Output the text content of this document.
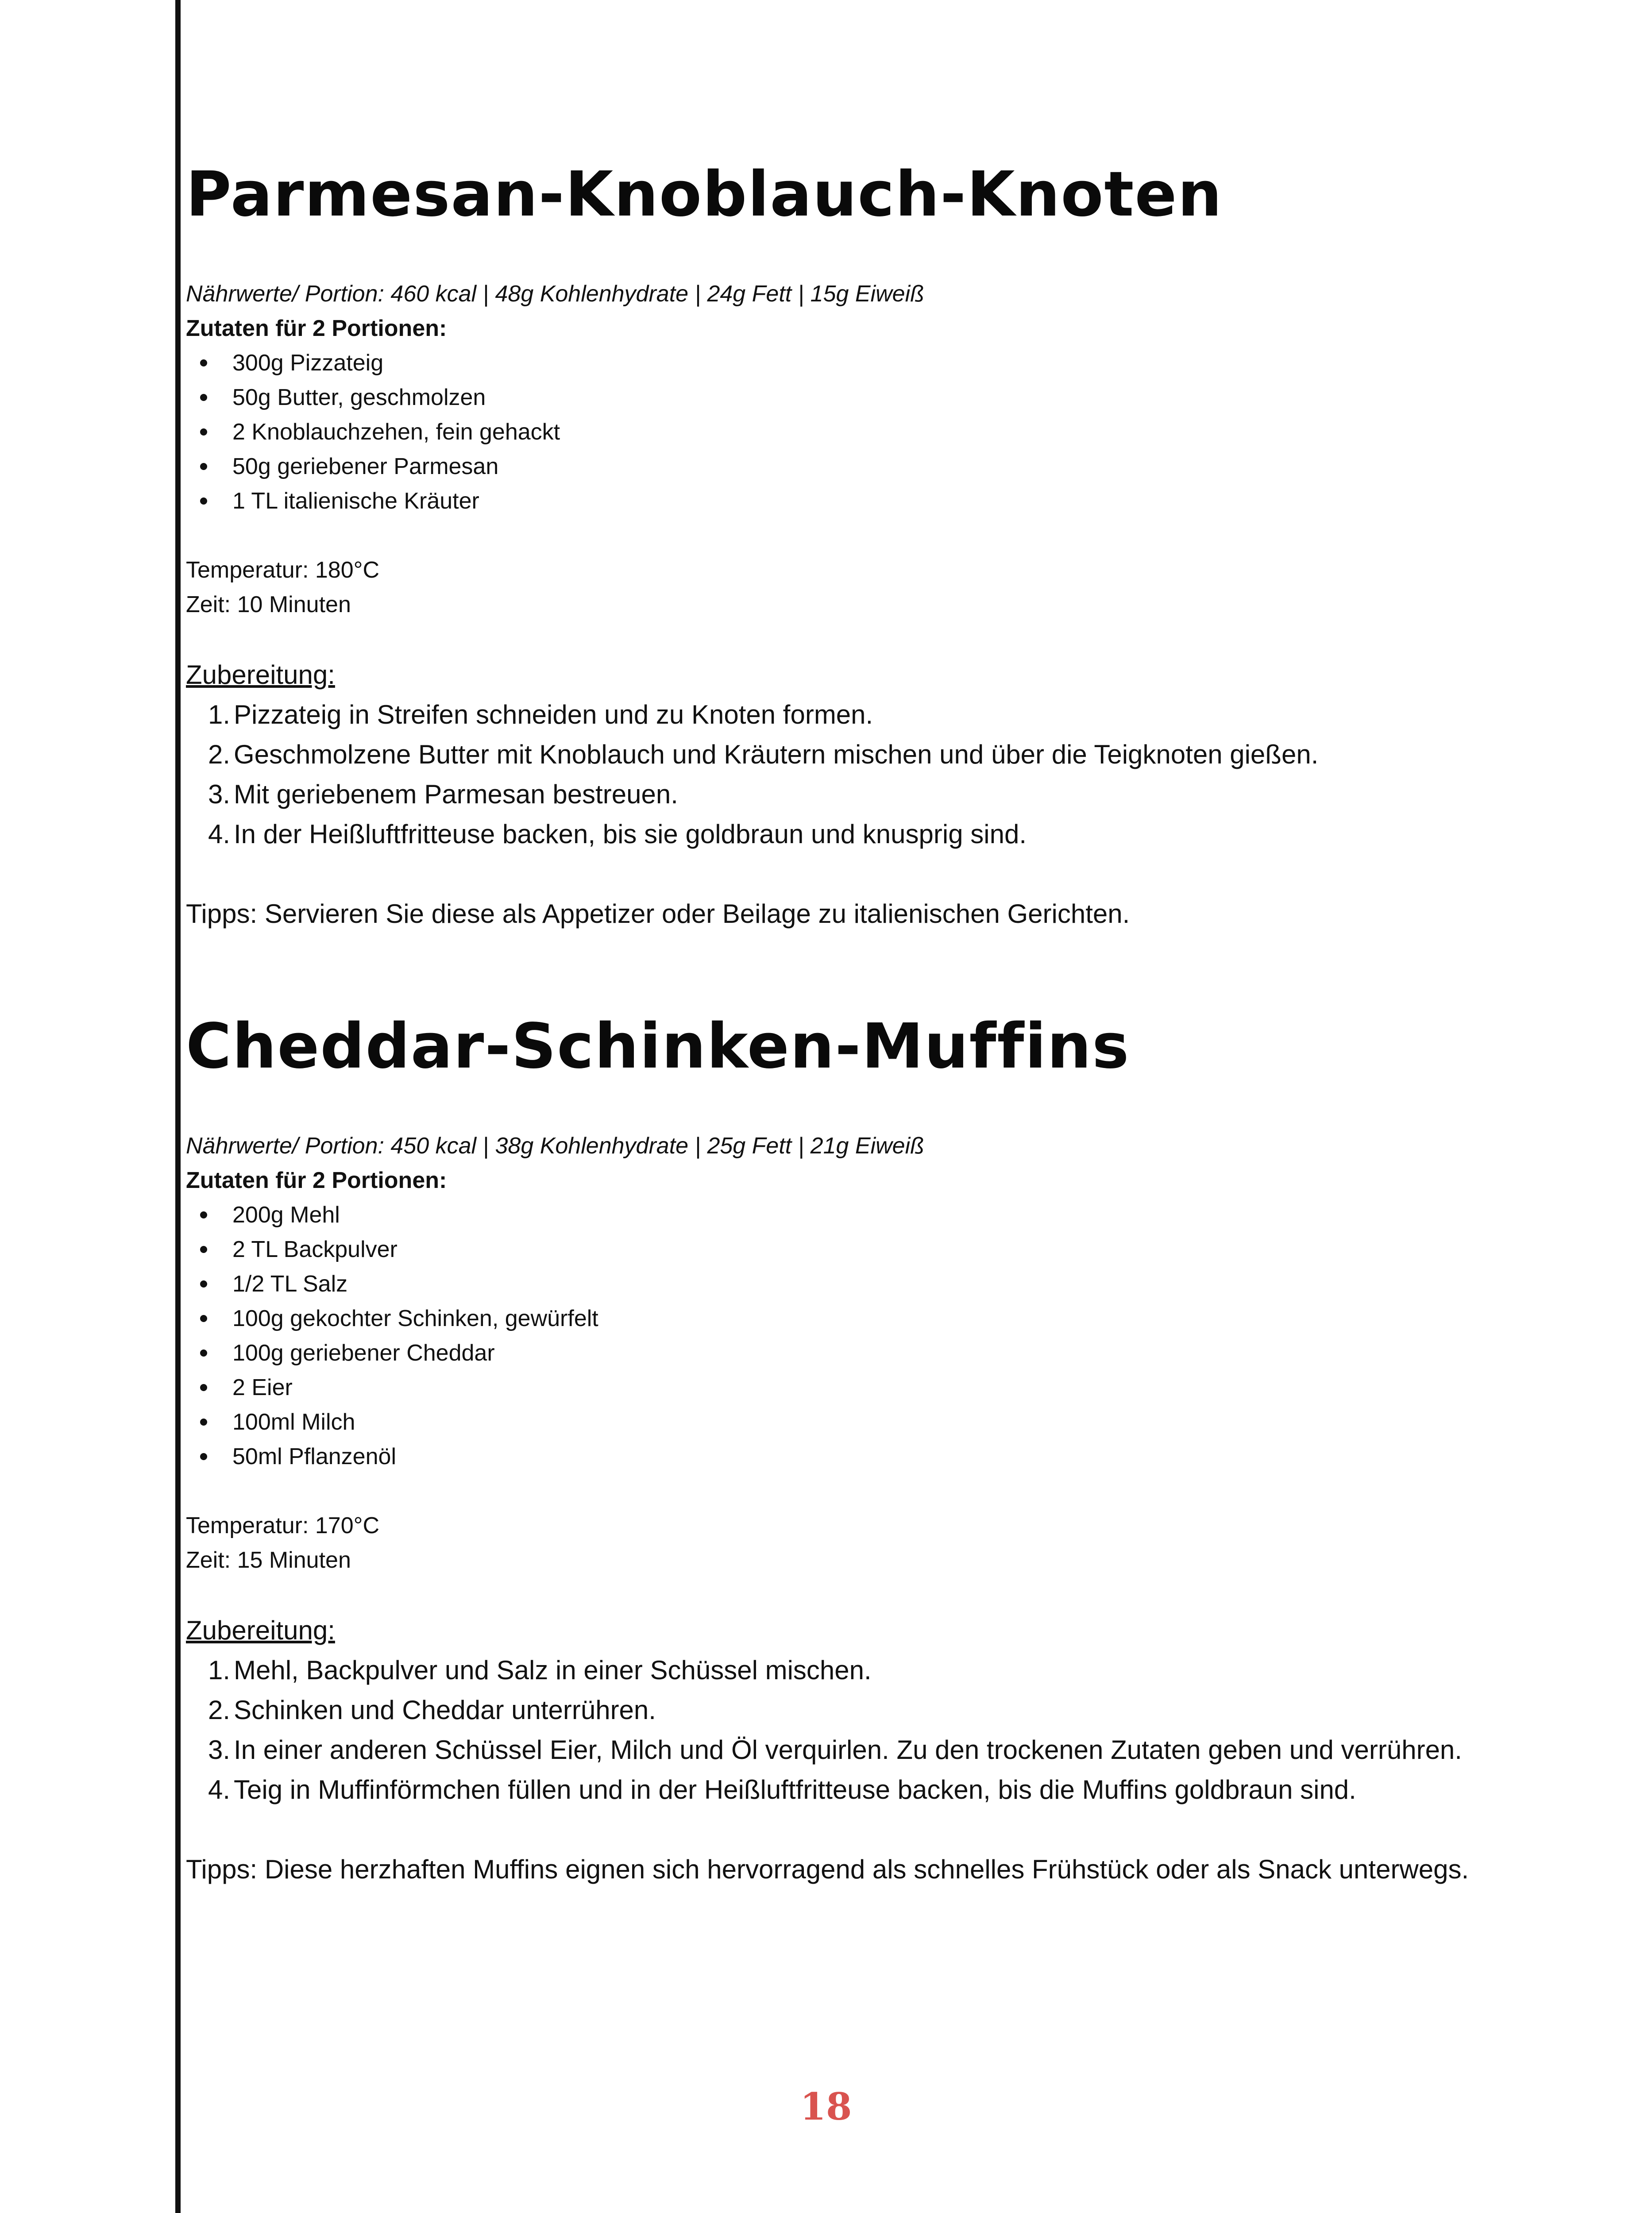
Parmesan-Knoblauch-Knoten
Nährwerte/ Portion: 460 kcal | 48g Kohlenhydrate | 24g Fett | 15g Eiweiß
Zutaten für 2 Portionen:
300g Pizzateig
50g Butter, geschmolzen
2 Knoblauchzehen, fein gehackt
50g geriebener Parmesan
1 TL italienische Kräuter
Temperatur: 180°C
Zeit: 10 Minuten
Zubereitung:
1. Pizzateig in Streifen schneiden und zu Knoten formen.
2. Geschmolzene Butter mit Knoblauch und Kräutern mischen und über die Teigknoten gießen.
3. Mit geriebenem Parmesan bestreuen.
4. In der Heißluftfritteuse backen, bis sie goldbraun und knusprig sind.
Tipps: Servieren Sie diese als Appetizer oder Beilage zu italienischen Gerichten.
Cheddar-Schinken-Muffins
Nährwerte/ Portion: 450 kcal | 38g Kohlenhydrate | 25g Fett | 21g Eiweiß
Zutaten für 2 Portionen:
200g Mehl
2 TL Backpulver
1/2 TL Salz
100g gekochter Schinken, gewürfelt
100g geriebener Cheddar
2 Eier
100ml Milch
50ml Pflanzenöl
Temperatur: 170°C
Zeit: 15 Minuten
Zubereitung:
1. Mehl, Backpulver und Salz in einer Schüssel mischen.
2. Schinken und Cheddar unterrühren.
3. In einer anderen Schüssel Eier, Milch und Öl verquirlen. Zu den trockenen Zutaten geben und verrühren.
4. Teig in Muffinförmchen füllen und in der Heißluftfritteuse backen, bis die Muffins goldbraun sind.
Tipps: Diese herzhaften Muffins eignen sich hervorragend als schnelles Frühstück oder als Snack unterwegs.
18
